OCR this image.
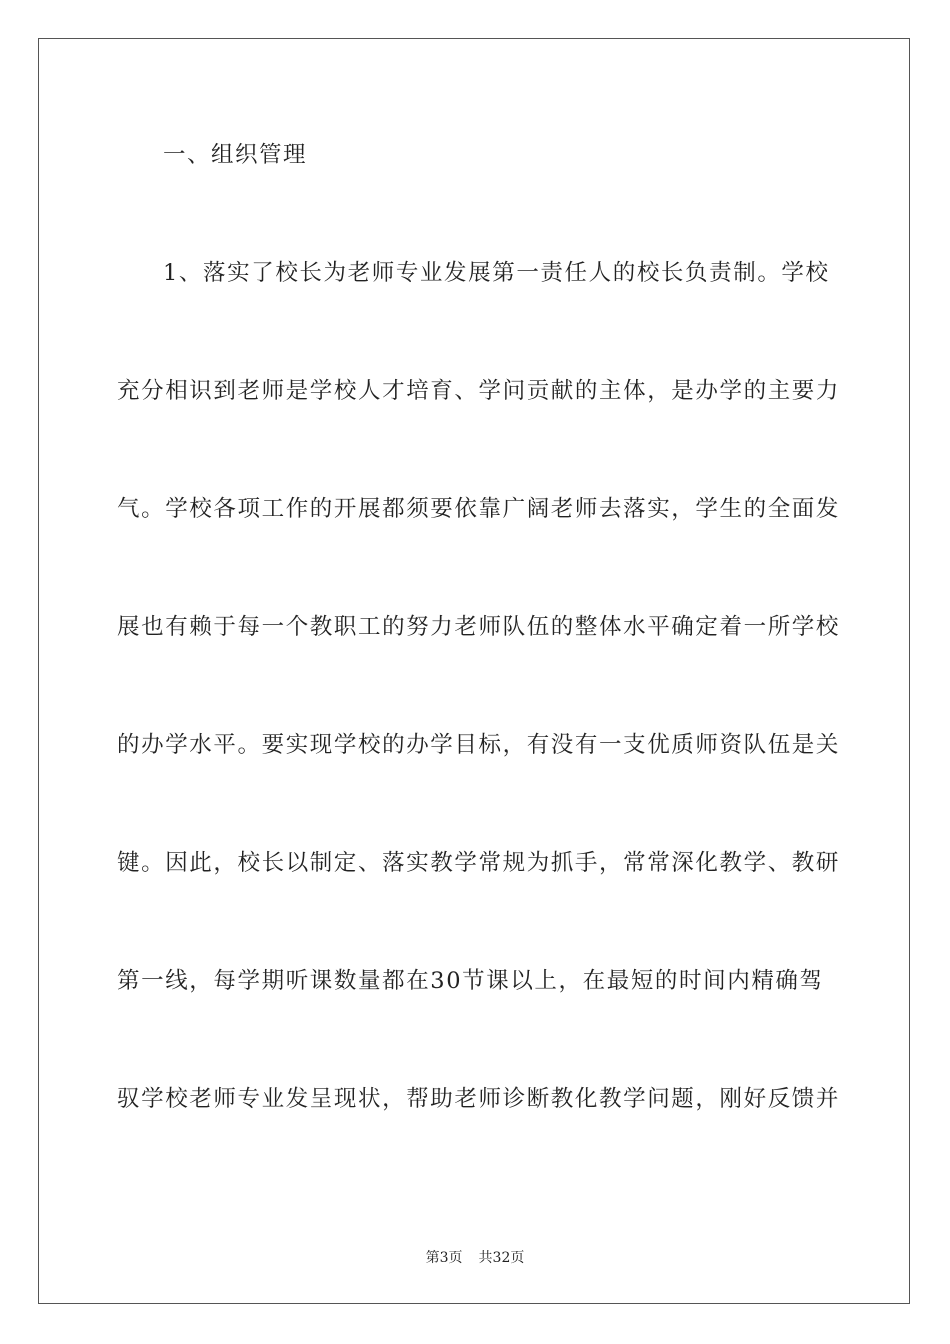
一、组织管理

1、落实了校长为老师专业发展第一责任人的校长负责制。学校

充分相识到老师是学校人才培育、学问贡献的主体，是办学的主要力

气。学校各项工作的开展都须要依靠广阔老师去落实，学生的全面发

展也有赖于每一个教职工的努力老师队伍的整体水平确定着一所学校

的办学水平。要实现学校的办学目标，有没有一支优质师资队伍是关

键。因此，校长以制定、落实教学常规为抓手，常常深化教学、教研

第一线，每学期听课数量都在30节课以上，在最短的时间内精确驾

驭学校老师专业发呈现状，帮助老师诊断教化教学问题，刚好反馈并

第3页 共32页
